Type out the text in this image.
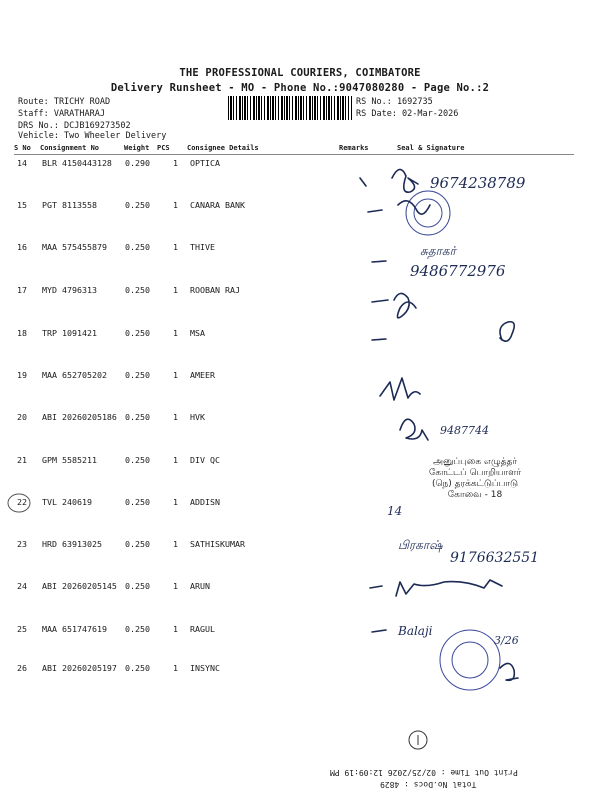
THE PROFESSIONAL COURIERS, COIMBATORE
Delivery Runsheet - MO - Phone No.:9047080280 - Page No.:2
Route: TRICHY ROAD
Staff: VARATHARAJ
DRS No.: DCJB169273502
Vehicle: Two Wheeler Delivery
RS No.: 1692735
RS Date: 02-Mar-2026
S No Consignment No	Weight PCS Consignee Details	Remarks	Seal & Signature
14 BLR 4150443128 0.290	1 OPTICA
15 PGT 8113558	0.250	1 CANARA BANK
16 MAA 575455879 0.250	1 THIVE
17 MYD 4796313	0.250	1 ROOBAN RAJ
18 TRP 1091421	0.250	1 MSA
19 MAA 652705202 0.250	1 AMEER
20 ABI 20260205186 0.250	1 HVK
21 GPM 5585211	0.250	1 DIV QC
22 TVL 240619	0.250	1 ADDISN
23 HRD 63913025	0.250	1 SATHISKUMAR
24 ABI 20260205145 0.250	1 ARUN
25 MAA 651747619 0.250	1 RAGUL
26 ABI 20260205197 0.250	1 INSYNC
9674238789
சுதாகர்
9486772976
9487744
14
பிரகாஷ்
9176632551
Balaji
3/26
அனுப்புகை எழுத்தர்
கோட்டப் பொறியாளர்
(நெ) தரக்கட்டுப்பாடு
கோவை - 18
Print Out Time : 02/25/2026 12:09:19 PM
Total No.Docs : 4829
